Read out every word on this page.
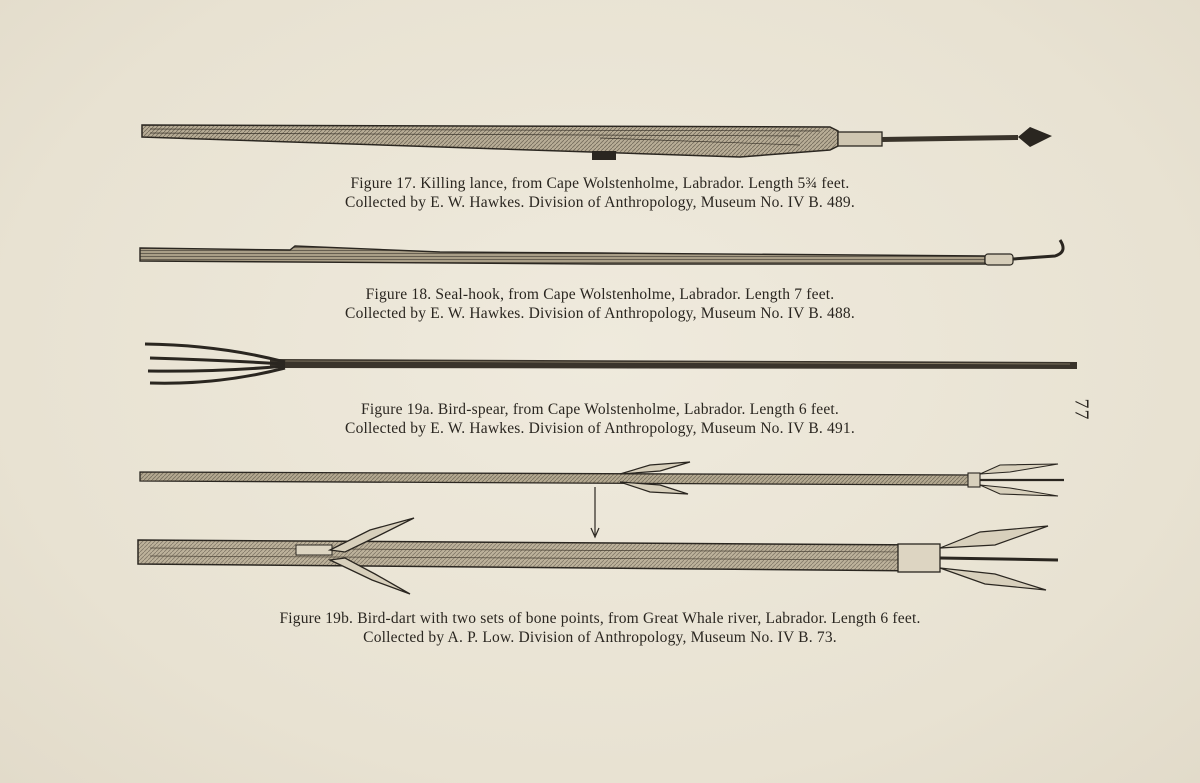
Figure 17. Killing lance, from Cape Wolstenholme, Labrador. Length 5¾ feet.
Collected by E. W. Hawkes. Division of Anthropology, Museum No. IV B. 489.
Figure 18. Seal-hook, from Cape Wolstenholme, Labrador. Length 7 feet.
Collected by E. W. Hawkes. Division of Anthropology, Museum No. IV B. 488.
Figure 19a. Bird-spear, from Cape Wolstenholme, Labrador. Length 6 feet.
Collected by E. W. Hawkes. Division of Anthropology, Museum No. IV B. 491.
Figure 19b. Bird-dart with two sets of bone points, from Great Whale river, Labrador. Length 6 feet.
Collected by A. P. Low. Division of Anthropology, Museum No. IV B. 73.
77
